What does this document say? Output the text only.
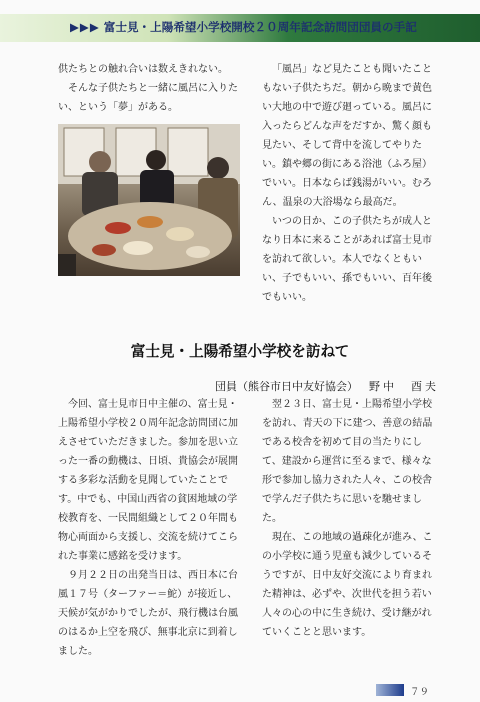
▶▶▶ 富士見・上陽希望小学校開校２０周年記念訪問団団員の手記

供たちとの触れ合いは数えきれない。

そんな子供たちと一緒に風呂に入りたい、という「夢」がある。

「風呂」など見たことも聞いたこともない子供たちだ。朝から晩まで黄色い大地の中で遊び廻っている。風呂に入ったらどんな声をだすか、驚く顔も見たい、そして背中を流してやりたい。鎮や郷の街にある浴池（ふろ屋）でいい。日本ならば銭湯がいい。むろん、温泉の大浴場なら最高だ。

いつの日か、この子供たちが成人となり日本に来ることがあれば富士見市を訪れて欲しい。本人でなくともいい、子でもいい、孫でもいい、百年後でもいい。

富士見・上陽希望小学校を訪ねて
団員（熊谷市日中友好協会） 野中　酉夫

今回、富士見市日中主催の、富士見・上陽希望小学校２０周年記念訪問団に加えさせていただきました。参加を思い立った一番の動機は、日頃、貴協会が展開する多彩な活動を見聞していたことです。中でも、中国山西省の貧困地域の学校教育を、一民間組織として２０年間も物心両面から支援し、交流を続けてこられた事業に感銘を受けます。

９月２２日の出発当日は、西日本に台風１７号（ターファー＝鮀）が接近し、天候が気がかりでしたが、飛行機は台風のはるか上空を飛び、無事北京に到着しました。

翌２３日、富士見・上陽希望小学校を訪れ、青天の下に建つ、善意の結晶である校舎を初めて目の当たりにして、建設から運営に至るまで、様々な形で参加し協力された人々、この校舎で学んだ子供たちに思いを馳せました。

現在、この地域の過疎化が進み、この小学校に通う児童も減少しているそうですが、日中友好交流により育まれた精神は、必ずや、次世代を担う若い人々の心の中に生き続け、受け継がれていくことと思います。

７９
